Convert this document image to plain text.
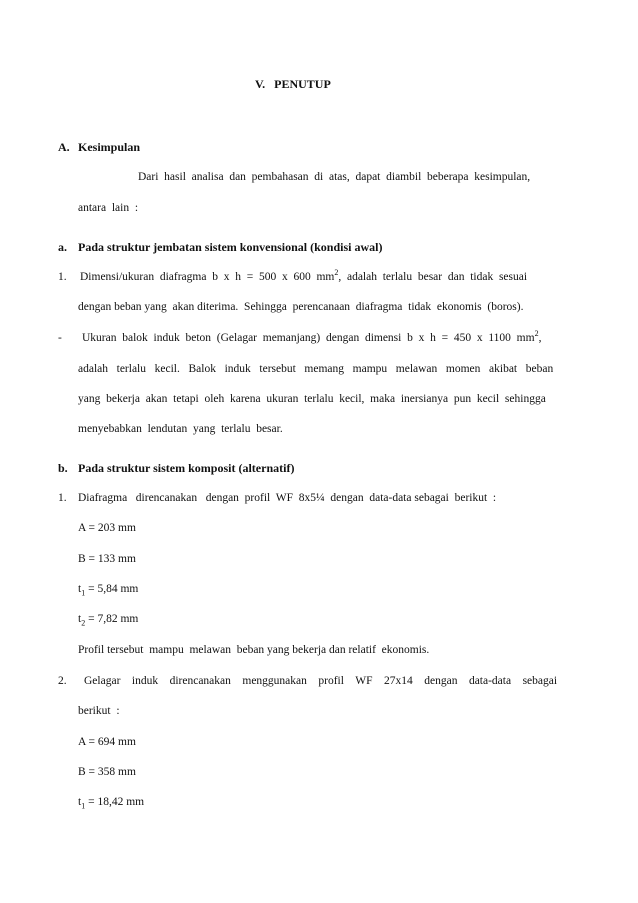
V.   PENUTUP
A. Kesimpulan
Dari  hasil  analisa  dan  pembahasan  di  atas,  dapat  diambil  beberapa  kesimpulan,
antara  lain  :
a. Pada struktur jembatan sistem konvensional (kondisi awal)
1. Dimensi/ukuran  diafragma  b  x  h  =  500  x  600  $mm^2$,  adalah  terlalu  besar  dan  tidak  sesuai
dengan beban yang  akan diterima.  Sehingga  perencanaan  diafragma  tidak  ekonomis  (boros).
- Ukuran  balok  induk  beton  (Gelagar  memanjang)  dengan  dimensi  b  x  h  =  450  x  1100  $mm^2$,
adalah   terlalu   kecil.   Balok   induk   tersebut   memang   mampu   melawan   momen   akibat   beban
yang  bekerja  akan  tetapi  oleh  karena  ukuran  terlalu  kecil,  maka  inersianya  pun  kecil  sehingga
menyebabkan  lendutan  yang  terlalu  besar.
b. Pada struktur sistem komposit (alternatif)
1. Diafragma   direncanakan   dengan  profil  WF  8x5¼  dengan  data-data sebagai  berikut  :
A = 203 mm
B = 133 mm
$t_1 = 5,84$ mm
$t_2 = 7,82$ mm
Profil tersebut  mampu  melawan  beban yang bekerja dan relatif  ekonomis.
2. Gelagar    induk    direncanakan    menggunakan    profil    WF    27x14    dengan    data-data    sebagai
berikut  :
A = 694 mm
B = 358 mm
$t_1 = 18,42$ mm
